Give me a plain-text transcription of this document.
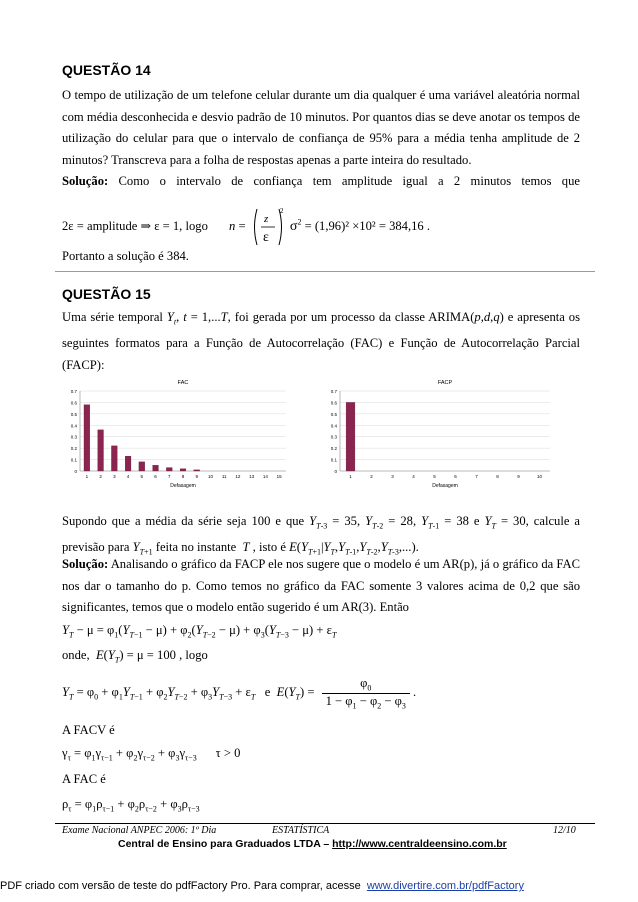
QUESTÃO 14
O tempo de utilização de um telefone celular durante um dia qualquer é uma variável aleatória normal com média desconhecida e desvio padrão de 10 minutos. Por quantos dias se deve anotar os tempos de utilização do celular para que o intervalo de confiança de 95% para a média tenha amplitude de 2 minutos? Transcreva para a folha de respostas apenas a parte inteira do resultado.
Solução: Como o intervalo de confiança tem amplitude igual a 2 minutos temos que
2ε = amplitude ⇒ ε = 1, logo n = z
ε
2
$\sigma^2 = (1,96)^2 \times 10^2 = 384,16$ .
Portanto a solução é 384.
QUESTÃO 15
Uma série temporal $Y_t$, t = 1,...T, foi gerada por um processo da classe ARIMA(p,d,q) e apresenta os seguintes formatos para a Função de Autocorrelação (FAC) e Função de Autocorrelação Parcial (FACP):
FAC
0
0.1
0.2
0.3
0.4
0.5
0.6
0.7
1 2 3 4 5 6 7 8 9 10 11 12 13 14 15
Defasagem
FACP
0
0.1
0.2
0.3
0.4
0.5
0.6
0.7
1	2	3	4	5	6	7	8	9	10
Defasagem
Supondo que a média da série seja 100 e que $Y_{T-3} = 35$, $Y_{T-2} = 28$, $Y_{T-1} = 38$ e $Y_T = 30$, calcule a previsão para $Y_{T+1}$ feita no instante  T , isto é $E(Y_{T+1}|Y_T,Y_{T-1},Y_{T-2},Y_{T-3},...)$.
Solução: Analisando o gráfico da FACP ele nos sugere que o modelo é um AR(p), já o gráfico da FAC nos dar o tamanho do p. Como temos no gráfico da FAC somente 3 valores acima de 0,2 que são significantes, temos que o modelo então sugerido é um AR(3). Então
$Y_T - \mu = \varphi_1(Y_{T-1} - \mu) + \varphi_2(Y_{T-2} - \mu) + \varphi_3(Y_{T-3} - \mu) + \varepsilon_T$
onde,  $E(Y_T) = \mu = 100$ , logo
$Y_T = \varphi_0 + \varphi_1Y_{T-1} + \varphi_2Y_{T-2} + \varphi_3Y_{T-3} + \varepsilon_T$   e  $E(Y_T) = \frac{\varphi_0}{1 - \varphi_1 - \varphi_2 - \varphi_3}$ .
A FACV é
$\gamma_\tau = \varphi_1\gamma_{\tau-1} + \varphi_2\gamma_{\tau-2} + \varphi_3\gamma_{\tau-3}$      τ > 0
A FAC é
$\rho_\tau = \varphi_1\rho_{\tau-1} + \varphi_2\rho_{\tau-2} + \varphi_3\rho_{\tau-3}$
Exame Nacional ANPEC 2006: 1º Dia	ESTATÍSTICA	12/10
Central de Ensino para Graduados LTDA – http://www.centraldeensino.com.br
PDF criado com versão de teste do pdfFactory Pro. Para comprar, acesse www.divertire.com.br/pdfFactory
